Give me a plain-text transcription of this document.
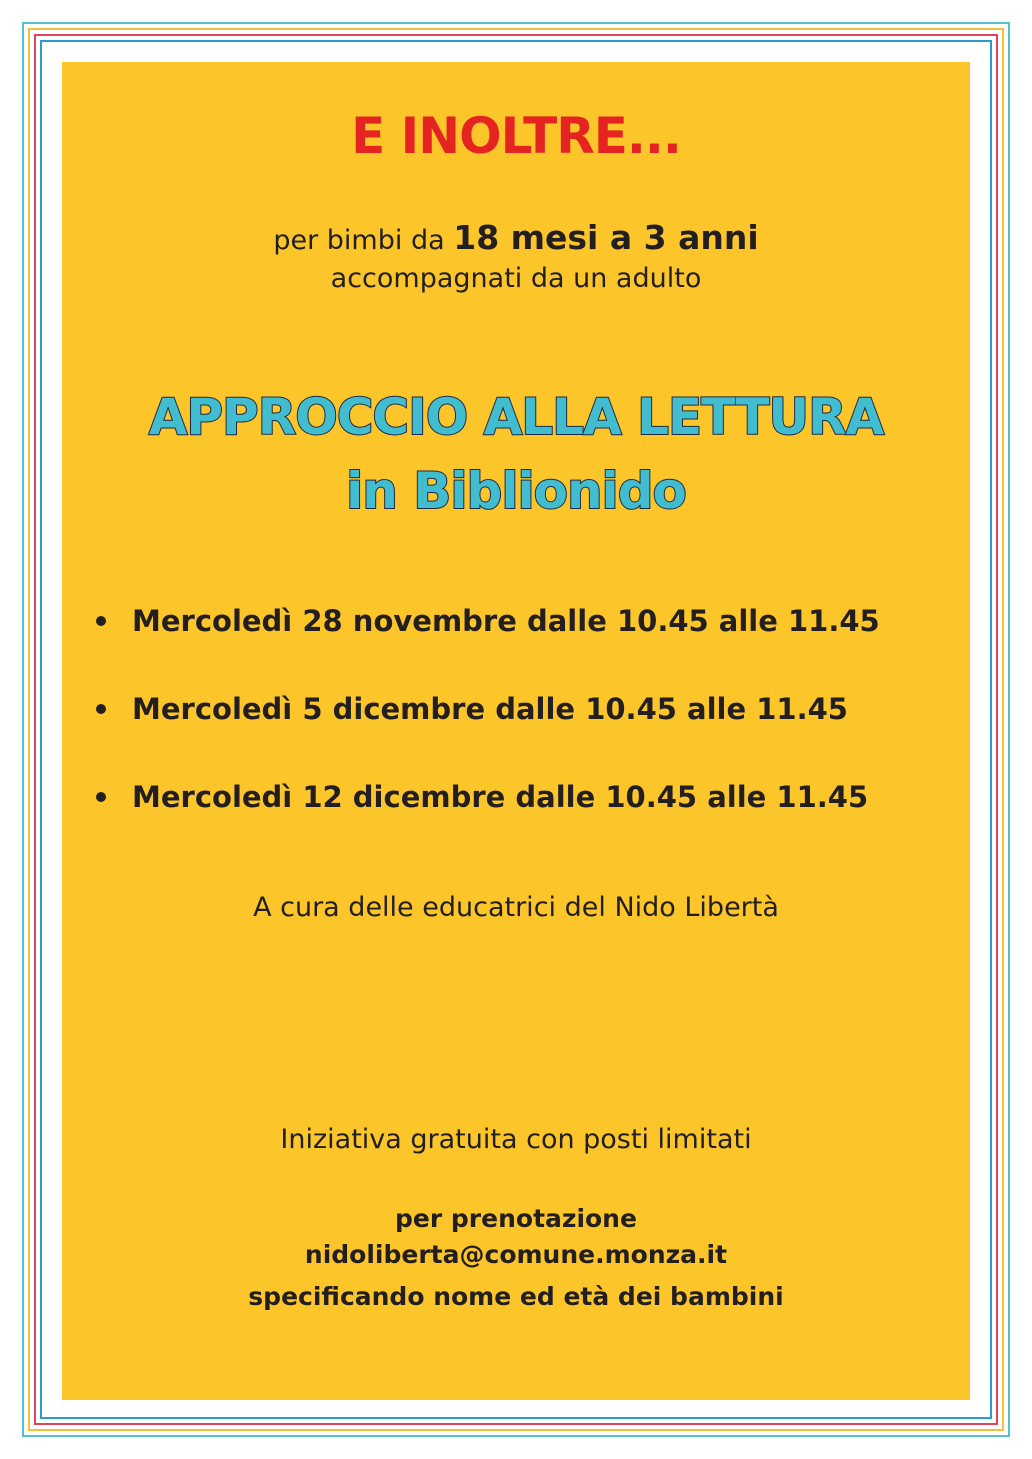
E INOLTRE...
per bimbi da 18 mesi a 3 anni
accompagnati da un adulto
APPROCCIO ALLA LETTURA
in Biblionido
Mercoledì 28 novembre dalle 10.45 alle 11.45
Mercoledì 5 dicembre dalle 10.45 alle 11.45
Mercoledì 12 dicembre dalle 10.45 alle 11.45
A cura delle educatrici del Nido Libertà
Iniziativa gratuita con posti limitati
per prenotazione
nidoliberta@comune.monza.it
specificando nome ed età dei bambini
